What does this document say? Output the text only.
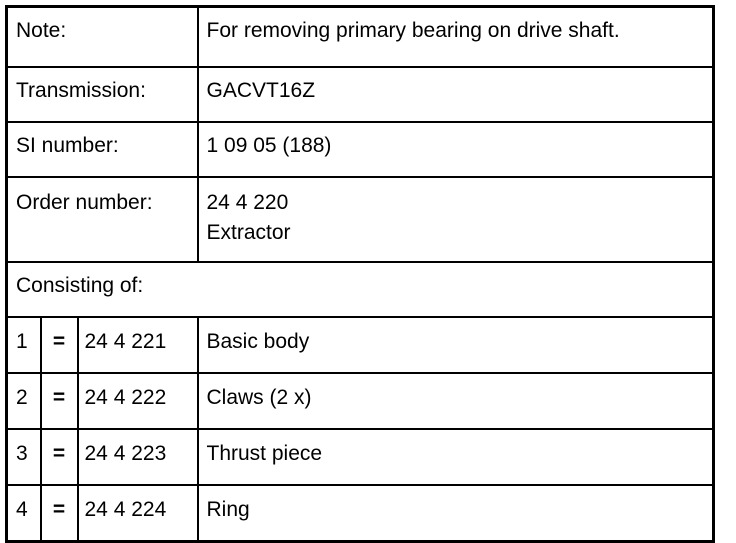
Note:			For removing primary bearing on drive shaft.
Transmission:			GACVT16Z
SI number:			1 09 05 (188)
Order number:			24 4 220
Extractor

Consisting of:			
1	=	24 4 221	Basic body
2	=	24 4 222	Claws (2 x)
3	=	24 4 223	Thrust piece
4	=	24 4 224	Ring
